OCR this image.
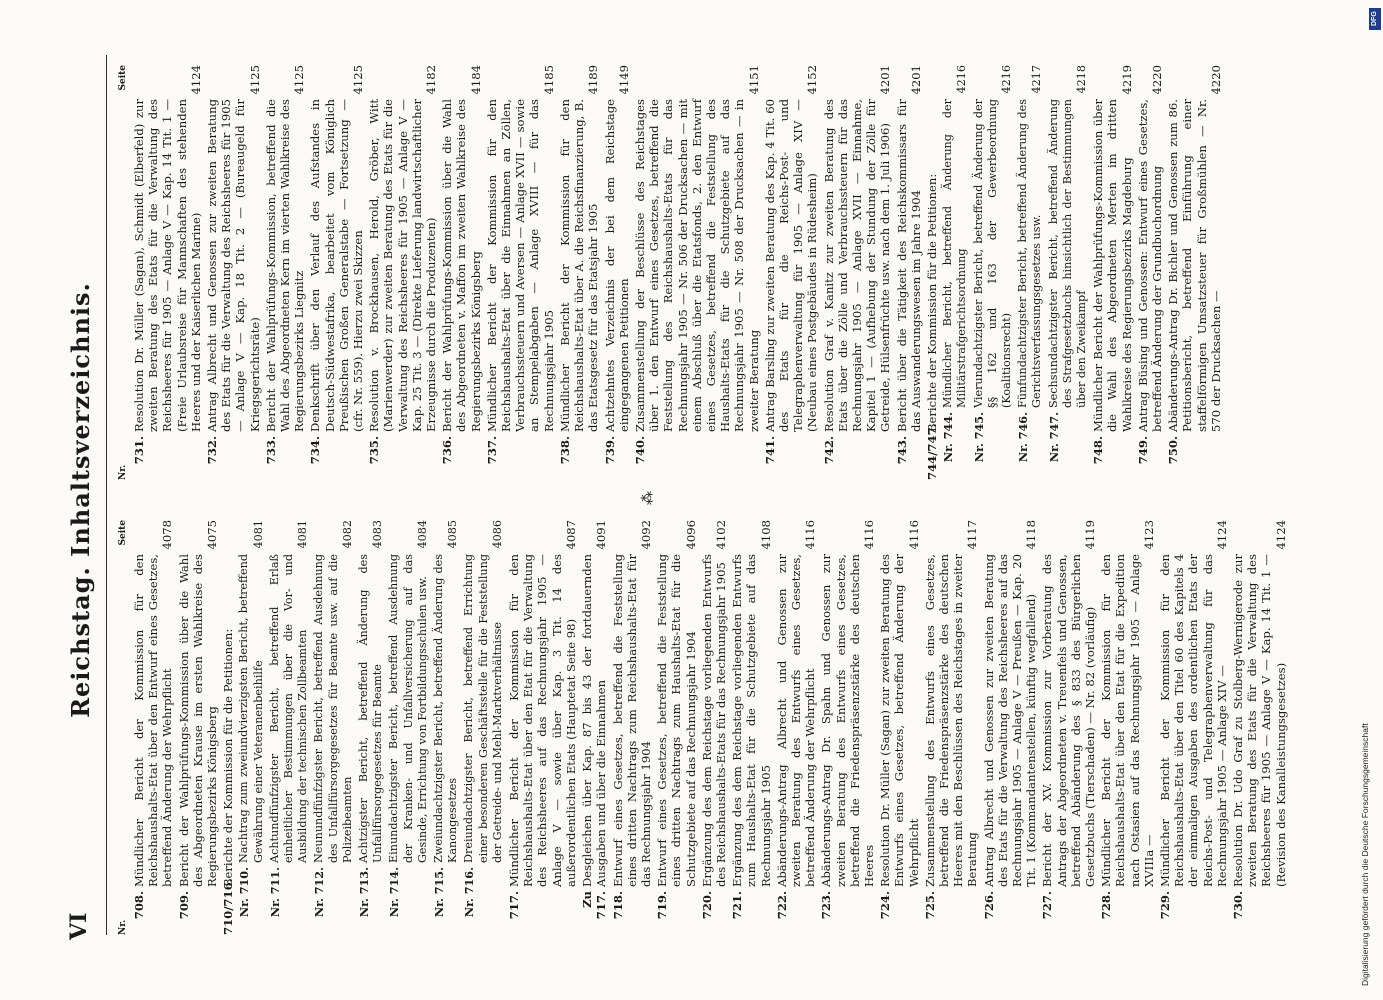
VI
Reichstag. Inhaltsverzeichnis.
Nr.
Seite
708.
Mündlicher Bericht der Kommission für den Reichshaushalts-Etat über den Entwurf eines Gesetzes, betreffend Änderung der Wehrpflicht
4078
709.
Bericht der Wahlprüfungs-Kommission über die Wahl des Abgeordneten Krause im ersten Wahlkreise des Regierungsbezirks Königsberg
4075
710/716.
Berichte der Kommission für die Petitionen:
Nr. 710.
Nachtrag zum zweiundvierzigsten Bericht, betreffend Gewährung einer Veteranenbeihilfe
4081
Nr. 711.
Achtundfünfzigster Bericht, betreffend Erlaß einheitlicher Bestimmungen über die Vor- und Ausbildung der technischen Zollbeamten
4081
Nr. 712.
Neunundfünfzigster Bericht, betreffend Ausdehnung des Unfallfürsorgegesetzes für Beamte usw. auf die Polizeibeamten
4082
Nr. 713.
Achtzigster Bericht, betreffend Änderung des Unfallfürsorgegesetzes für Beamte
4083
Nr. 714.
Einundachtzigster Bericht, betreffend Ausdehnung der Kranken- und Unfallversicherung auf das Gesinde, Errichtung von Fortbildungsschulen usw.
4084
Nr. 715.
Zweiundachtzigster Bericht, betreffend Änderung des Kanongesetzes
4085
Nr. 716.
Dreiundachtzigster Bericht, betreffend Errichtung einer besonderen Geschäftsstelle für die Feststellung der Getreide- und Mehl-Marktverhältnisse
4086
717.
Mündlicher Bericht der Kommission für den Reichshaushalts-Etat über den Etat für die Verwaltung des Reichsheeres auf das Rechnungsjahr 1905 — Anlage V — sowie über Kap. 3 Tit. 14 des außerordentlichen Etats (Hauptetat Seite 98)
4087
Zu 717.
Desgleichen über Kap. 87 bis 43 der fortdauernden Ausgaben und über die Einnahmen
4091
718.
Entwurf eines Gesetzes, betreffend die Feststellung eines dritten Nachtrags zum Reichshaushalts-Etat für das Rechnungsjahr 1904
4092
719.
Entwurf eines Gesetzes, betreffend die Feststellung eines dritten Nachtrags zum Haushalts-Etat für die Schutzgebiete auf das Rechnungsjahr 1904
4096
720.
Ergänzung des dem Reichstage vorliegenden Entwurfs des Reichshaushalts-Etats für das Rechnungsjahr 1905
4102
721.
Ergänzung des dem Reichstage vorliegenden Entwurfs zum Haushalts-Etat für die Schutzgebiete auf das Rechnungsjahr 1905
4108
722.
Abänderungs-Antrag Albrecht und Genossen zur zweiten Beratung des Entwurfs eines Gesetzes, betreffend Änderung der Wehrpflicht
4116
723.
Abänderungs-Antrag Dr. Spahn und Genossen zur zweiten Beratung des Entwurfs eines Gesetzes, betreffend die Friedenspräsenzstärke des deutschen Heeres
4116
724.
Resolution Dr. Müller (Sagan) zur zweiten Beratung des Entwurfs eines Gesetzes, betreffend Änderung der Wehrpflicht
4116
725.
Zusammenstellung des Entwurfs eines Gesetzes, betreffend die Friedenspräsenzstärke des deutschen Heeres mit den Beschlüssen des Reichstages in zweiter Beratung
4117
726.
Antrag Albrecht und Genossen zur zweiten Beratung des Etats für die Verwaltung des Reichsheeres auf das Rechnungsjahr 1905 — Anlage V — Preußen — Kap. 20 Tit. 1 (Kommandantenstellen, künftig wegfallend)
4118
727.
Bericht der XV. Kommission zur Vorberatung des Antrags der Abgeordneten v. Treuenfels und Genossen, betreffend Abänderung des § 833 des Bürgerlichen Gesetzbuchs (Tierschaden) — Nr. 82 (vorläufig)
4119
728.
Mündlicher Bericht der Kommission für den Reichshaushalts-Etat über den Etat für die Expedition nach Ostasien auf das Rechnungsjahr 1905 — Anlage XVIIIa —
4123
729.
Mündlicher Bericht der Kommission für den Reichshaushalts-Etat über den Titel 60 des Kapitels 4 der einmaligen Ausgaben des ordentlichen Etats der Reichs-Post- und Telegraphenverwaltung für das Rechnungsjahr 1905 — Anlage XIV —
4124
730.
Resolution Dr. Udo Graf zu Stolberg-Wernigerode zur zweiten Beratung des Etats für die Verwaltung des Reichsheeres für 1905 — Anlage V — Kap. 14 Tit. 1 — (Revision des Kanalleistungsgesetzes)
4124
⁂
Nr.
Seite
731.
Resolution Dr. Müller (Sagan), Schmidt (Elberfeld) zur zweiten Beratung des Etats für die Verwaltung des Reichsheeres für 1905 — Anlage V — Kap. 14 Tit. 1 — (Freie Urlaubsreise für Mannschaften des stehenden Heeres und der Kaiserlichen Marine)
4124
732.
Antrag Albrecht und Genossen zur zweiten Beratung des Etats für die Verwaltung des Reichsheeres für 1905 — Anlage V — Kap. 18 Tit. 2 — (Bureaugeld für Kriegsgerichtsräte)
4125
733.
Bericht der Wahlprüfungs-Kommission, betreffend die Wahl des Abgeordneten Kern im vierten Wahlkreise des Regierungsbezirks Liegnitz
4125
734.
Denkschrift über den Verlauf des Aufstandes in Deutsch-Südwestafrika, bearbeitet vom Königlich Preußischen Großen Generalstabe — Fortsetzung — (cfr. Nr. 559). Hierzu zwei Skizzen
4125
735.
Resolution v. Brockhausen, Herold, Gröber, Witt (Marienwerder) zur zweiten Beratung des Etats für die Verwaltung des Reichsheeres für 1905 — Anlage V — Kap. 25 Tit. 3 — (Direkte Lieferung landwirtschaftlicher Erzeugnisse durch die Produzenten)
4182
736.
Bericht der Wahlprüfungs-Kommission über die Wahl des Abgeordneten v. Maffon im zweiten Wahlkreise des Regierungsbezirks Königsberg
4184
737.
Mündlicher Bericht der Kommission für den Reichshaushalts-Etat über die Einnahmen an Zöllen, Verbrauchssteuern und Aversen — Anlage XVII — sowie an Stempelabgaben — Anlage XVIII — für das Rechnungsjahr 1905
4185
738.
Mündlicher Bericht der Kommission für den Reichshaushalts-Etat über A. die Reichsfinanzierung, B. das Etatsgesetz für das Etatsjahr 1905
4189
739.
Achtzehntes Verzeichnis der bei dem Reichstage eingegangenen Petitionen
4149
740.
Zusammenstellung der Beschlüsse des Reichstages über 1. den Entwurf eines Gesetzes, betreffend die Feststellung des Reichshaushalts-Etats für das Rechnungsjahr 1905 — Nr. 506 der Drucksachen — mit einem Abschluß über die Etatsfonds, 2. den Entwurf eines Gesetzes, betreffend die Feststellung des Haushalts-Etats für die Schutzgebiete auf das Rechnungsjahr 1905 — Nr. 508 der Drucksachen — in zweiter Beratung
4151
741.
Antrag Barsling zur zweiten Beratung des Kap. 4 Tit. 60 des Etats für die Reichs-Post- und Telegraphenverwaltung für 1905 — Anlage XIV — (Neubau eines Postgebäudes in Rüdesheim)
4152
742.
Resolution Graf v. Kanitz zur zweiten Beratung des Etats über die Zölle und Verbrauchssteuern für das Rechnungsjahr 1905 — Anlage XVII — Einnahme, Kapitel 1 — (Aufhebung der Stundung der Zölle für Getreide, Hülsenfrüchte usw. nach dem 1. Juli 1906)
4201
743.
Bericht über die Tätigkeit des Reichskommissars für das Auswanderungswesen im Jahre 1904
4201
744/747.
Berichte der Kommission für die Petitionen:
Nr. 744.
Mündlicher Bericht, betreffend Änderung der Militärstrafgerichtsordnung
4216
Nr. 745.
Vierundachtzigster Bericht, betreffend Änderung der §§ 162 und 163 der Gewerbeordnung (Koalitionsrecht)
4216
Nr. 746.
Fünfundachtzigster Bericht, betreffend Änderung des Gerichtsverfassungsgesetzes usw.
4217
Nr. 747.
Sechsundachtzigster Bericht, betreffend Änderung des Strafgesetzbuchs hinsichtlich der Bestimmungen über den Zweikampf
4218
748.
Mündlicher Bericht der Wahlprüfungs-Kommission über die Wahl des Abgeordneten Merten im dritten Wahlkreise des Regierungsbezirks Magdeburg
4219
749.
Antrag Büsing und Genossen: Entwurf eines Gesetzes, betreffend Änderung der Grundbuchordnung
4220
750.
Abänderungs-Antrag Dr. Bichler und Genossen zum 86. Petitionsbericht, betreffend Einführung einer staffelförmigen Umsatzsteuer für Großmühlen — Nr. 570 der Drucksachen —
4220
Digitalisierung gefördert durch die Deutsche Forschungsgemeinschaft
DFG
